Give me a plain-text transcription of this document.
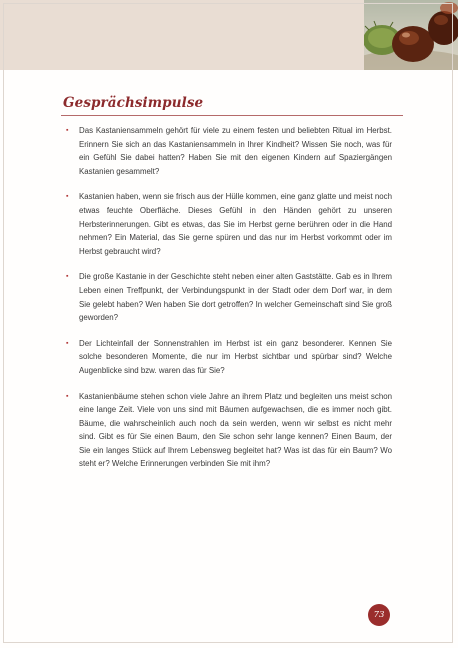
Gesprächsimpulse
▪ Das Kastaniensammeln gehört für viele zu einem festen und beliebten Ritual im Herbst. Erinnern Sie sich an das Kastaniensammeln in Ihrer Kindheit? Wissen Sie noch, was für ein Gefühl Sie dabei hatten? Haben Sie mit den eigenen Kindern auf Spaziergängen Kastanien gesammelt?
▪ Kastanien haben, wenn sie frisch aus der Hülle kommen, eine ganz glatte und meist noch etwas feuchte Oberfläche. Dieses Gefühl in den Händen gehört zu unseren Herbsterinnerungen. Gibt es etwas, das Sie im Herbst gerne berühren oder in die Hand nehmen? Ein Material, das Sie gerne spüren und das nur im Herbst vorkommt oder im Herbst gebraucht wird?
▪ Die große Kastanie in der Geschichte steht neben einer alten Gaststätte. Gab es in Ihrem Leben einen Treffpunkt, der Verbindungspunkt in der Stadt oder dem Dorf war, in dem Sie gelebt haben? Wen haben Sie dort getroffen? In welcher Gemeinschaft sind Sie groß geworden?
▪ Der Lichteinfall der Sonnenstrahlen im Herbst ist ein ganz besonderer. Kennen Sie solche besonderen Momente, die nur im Herbst sichtbar und spürbar sind? Welche Augenblicke sind bzw. waren das für Sie?
▪ Kastanienbäume stehen schon viele Jahre an ihrem Platz und begleiten uns meist schon eine lange Zeit. Viele von uns sind mit Bäumen aufgewachsen, die es immer noch gibt. Bäume, die wahrscheinlich auch noch da sein werden, wenn wir selbst es nicht mehr sind. Gibt es für Sie einen Baum, den Sie schon sehr lange kennen? Einen Baum, der Sie ein langes Stück auf Ihrem Lebensweg begleitet hat? Was ist das für ein Baum? Wo steht er? Welche Erinnerungen verbinden Sie mit ihm?
73
